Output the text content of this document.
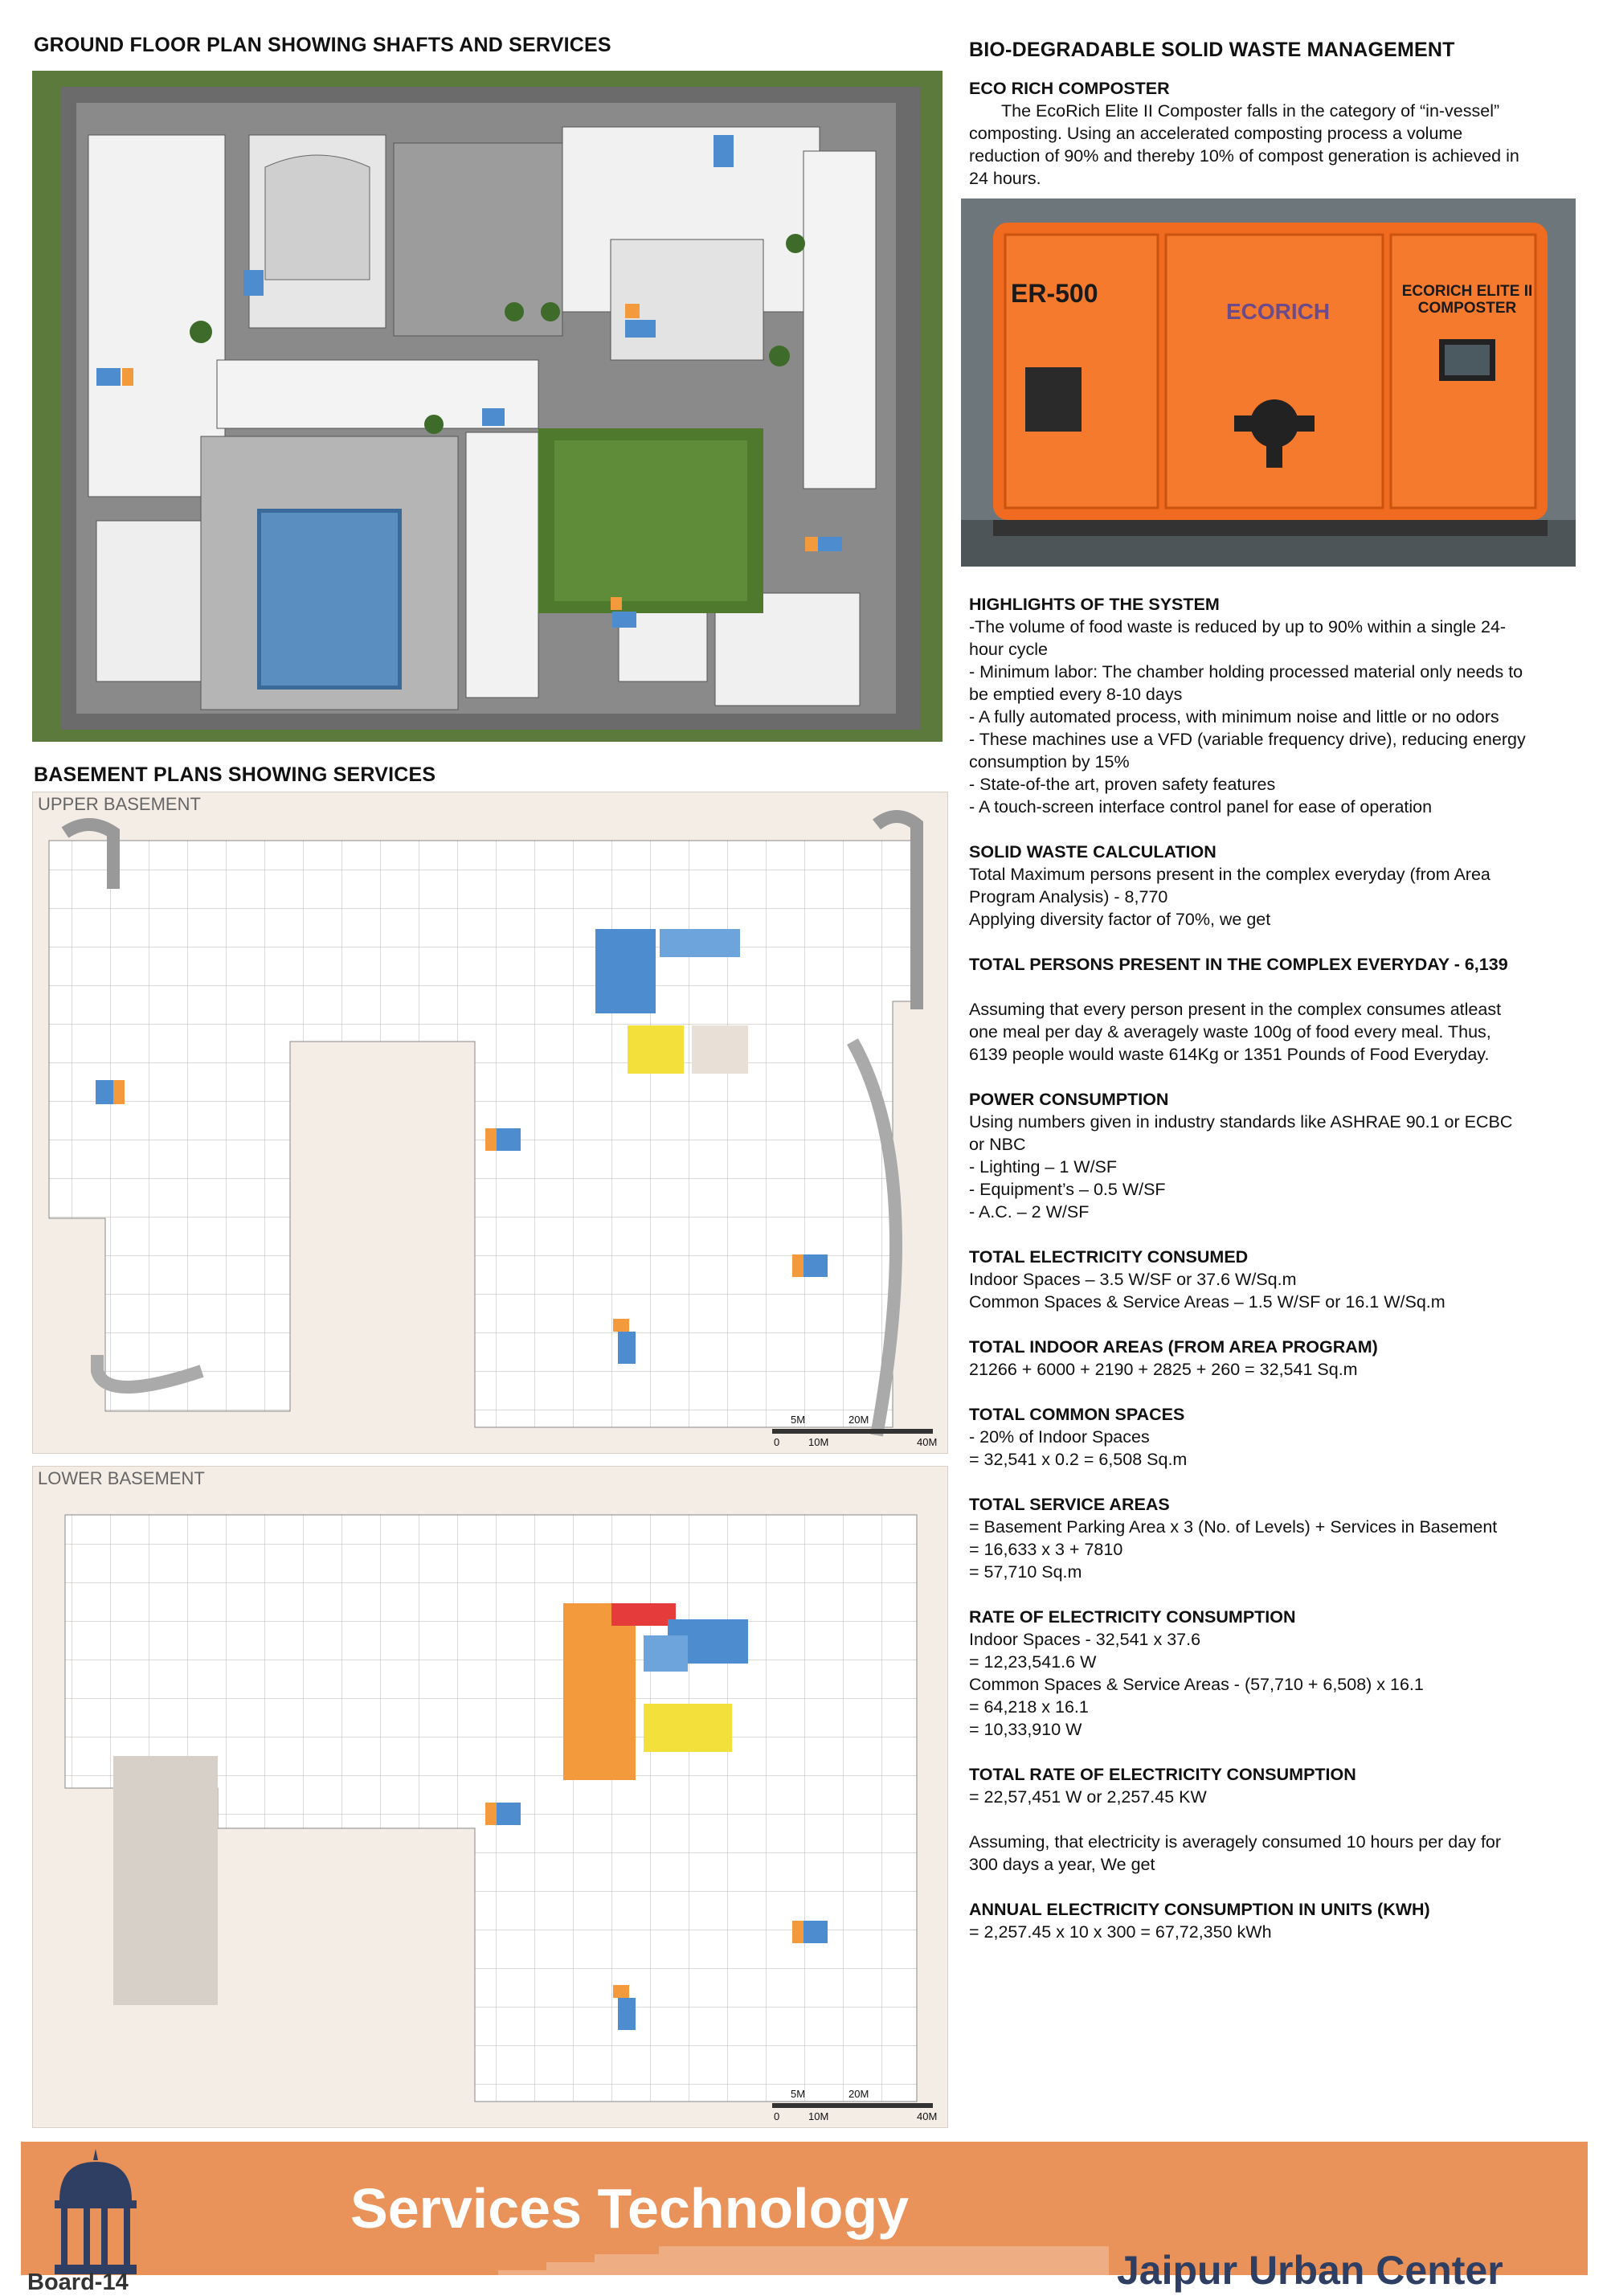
GROUND FLOOR PLAN SHOWING SHAFTS AND SERVICES
BASEMENT PLANS SHOWING SERVICES
UPPER BASEMENT
5M	20M
0	10M	40M
LOWER BASEMENT
5M	20M
0	10M	40M
BIO-DEGRADABLE SOLID WASTE MANAGEMENT

ECO RICH COMPOSTER

The EcoRich Elite II Composter falls in the category of “in-vessel” composting. Using an accelerated composting process a volume reduction of 90% and thereby 10% of compost generation is achieved in 24 hours.

ER-500
ECORICH
ECORICH ELITE II COMPOSTER

HIGHLIGHTS OF THE SYSTEM

-The volume of food waste is reduced by up to 90% within a single 24-hour cycle

- Minimum labor: The chamber holding processed material only needs to be emptied every 8-10 days

- A fully automated process, with minimum noise and little or no odors

- These machines use a VFD (variable frequency drive), reducing energy consumption by 15%

- State-of-the art, proven safety features

- A touch-screen interface control panel for ease of operation

SOLID WASTE CALCULATION

Total Maximum persons present in the complex everyday (from Area Program Analysis) - 8,770

Applying diversity factor of 70%, we get

TOTAL PERSONS PRESENT IN THE COMPLEX EVERYDAY - 6,139

Assuming that every person present in the complex consumes atleast one meal per day & averagely waste 100g of food every meal. Thus, 6139 people would waste 614Kg or 1351 Pounds of Food Everyday.

POWER CONSUMPTION

Using numbers given in industry standards like ASHRAE 90.1 or ECBC or NBC

- Lighting – 1 W/SF

- Equipment’s – 0.5 W/SF

- A.C. – 2 W/SF

TOTAL ELECTRICITY CONSUMED

Indoor Spaces – 3.5 W/SF or 37.6 W/Sq.m

Common Spaces & Service Areas – 1.5 W/SF or 16.1 W/Sq.m

TOTAL INDOOR AREAS (FROM AREA PROGRAM)

21266 + 6000 + 2190 + 2825 + 260 = 32,541 Sq.m

TOTAL COMMON SPACES

- 20% of Indoor Spaces

= 32,541 x 0.2 = 6,508 Sq.m

TOTAL SERVICE AREAS

= Basement Parking Area x 3 (No. of Levels) + Services in Basement

= 16,633 x 3 + 7810

= 57,710 Sq.m

RATE OF ELECTRICITY CONSUMPTION

Indoor Spaces - 32,541 x 37.6

= 12,23,541.6 W

Common Spaces & Service Areas - (57,710 + 6,508) x 16.1

= 64,218 x 16.1

= 10,33,910 W

TOTAL RATE OF ELECTRICITY CONSUMPTION

= 22,57,451 W or 2,257.45 KW

Assuming, that electricity is averagely consumed 10 hours per day for 300 days a year, We get

ANNUAL ELECTRICITY CONSUMPTION IN UNITS (KWH)

= 2,257.45 x 10 x 300 = 67,72,350 kWh

Services Technology
Board-14	Jaipur Urban Center
